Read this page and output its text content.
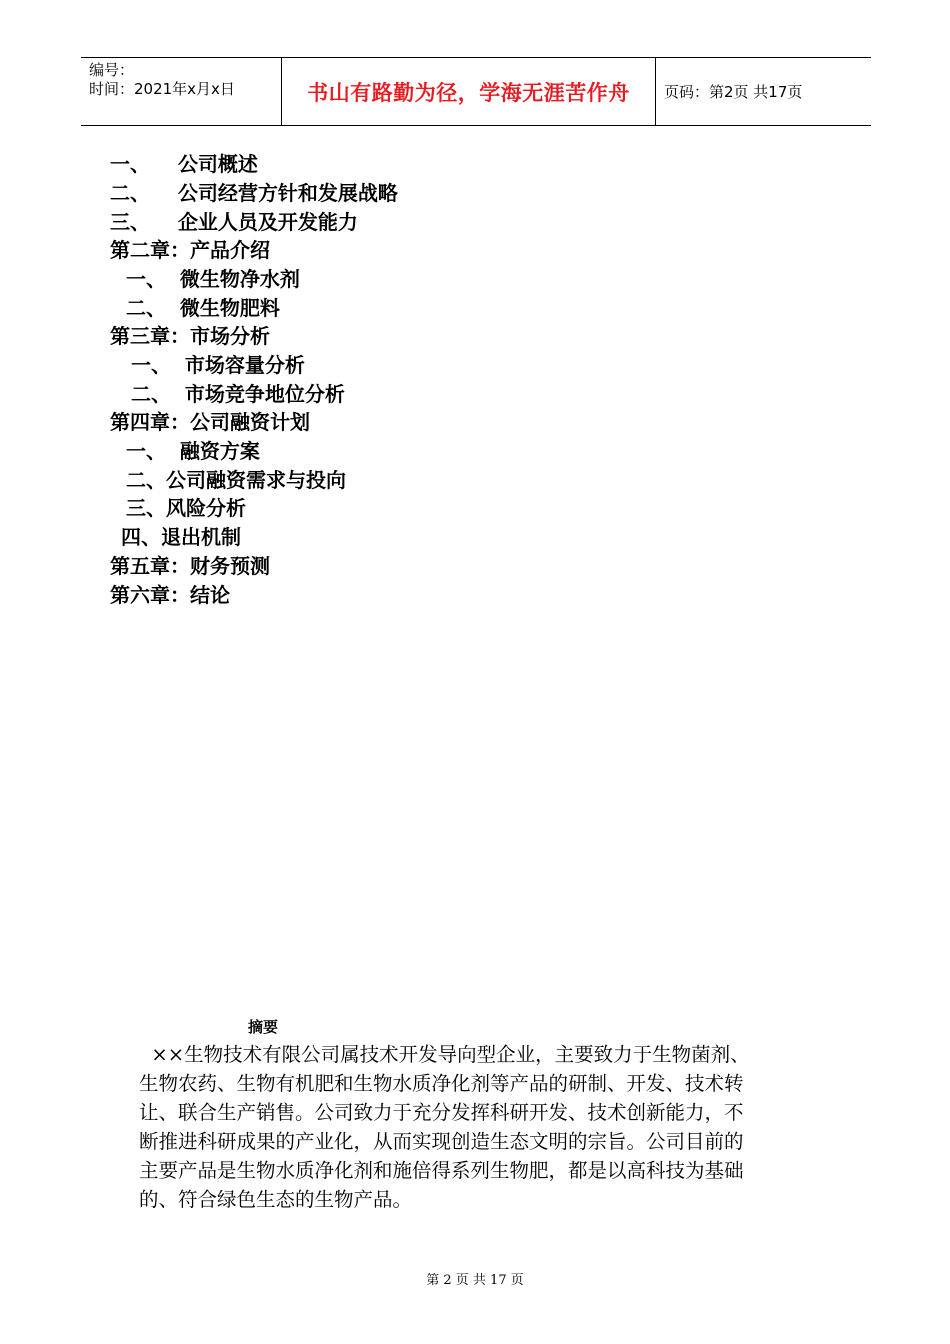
编号：
时间：2021年x月x日	书山有路勤为径，学海无涯苦作舟 页码：第2页 共17页
一、    公司概述
二、    公司经营方针和发展战略
三、    企业人员及开发能力
第二章：产品介绍
一、  微生物净水剂
二、  微生物肥料
第三章：市场分析
一、  市场容量分析
二、  市场竞争地位分析
第四章：公司融资计划
一、  融资方案
二、公司融资需求与投向
三、风险分析
四、退出机制
第五章：财务预测
第六章：结论
摘要
××生物技术有限公司属技术开发导向型企业，主要致力于生物菌剂、
生物农药、生物有机肥和生物水质净化剂等产品的研制、开发、技术转
让、联合生产销售。公司致力于充分发挥科研开发、技术创新能力，不
断推进科研成果的产业化，从而实现创造生态文明的宗旨。公司目前的
主要产品是生物水质净化剂和施倍得系列生物肥，都是以高科技为基础
的、符合绿色生态的生物产品。
第 2 页 共 17 页
